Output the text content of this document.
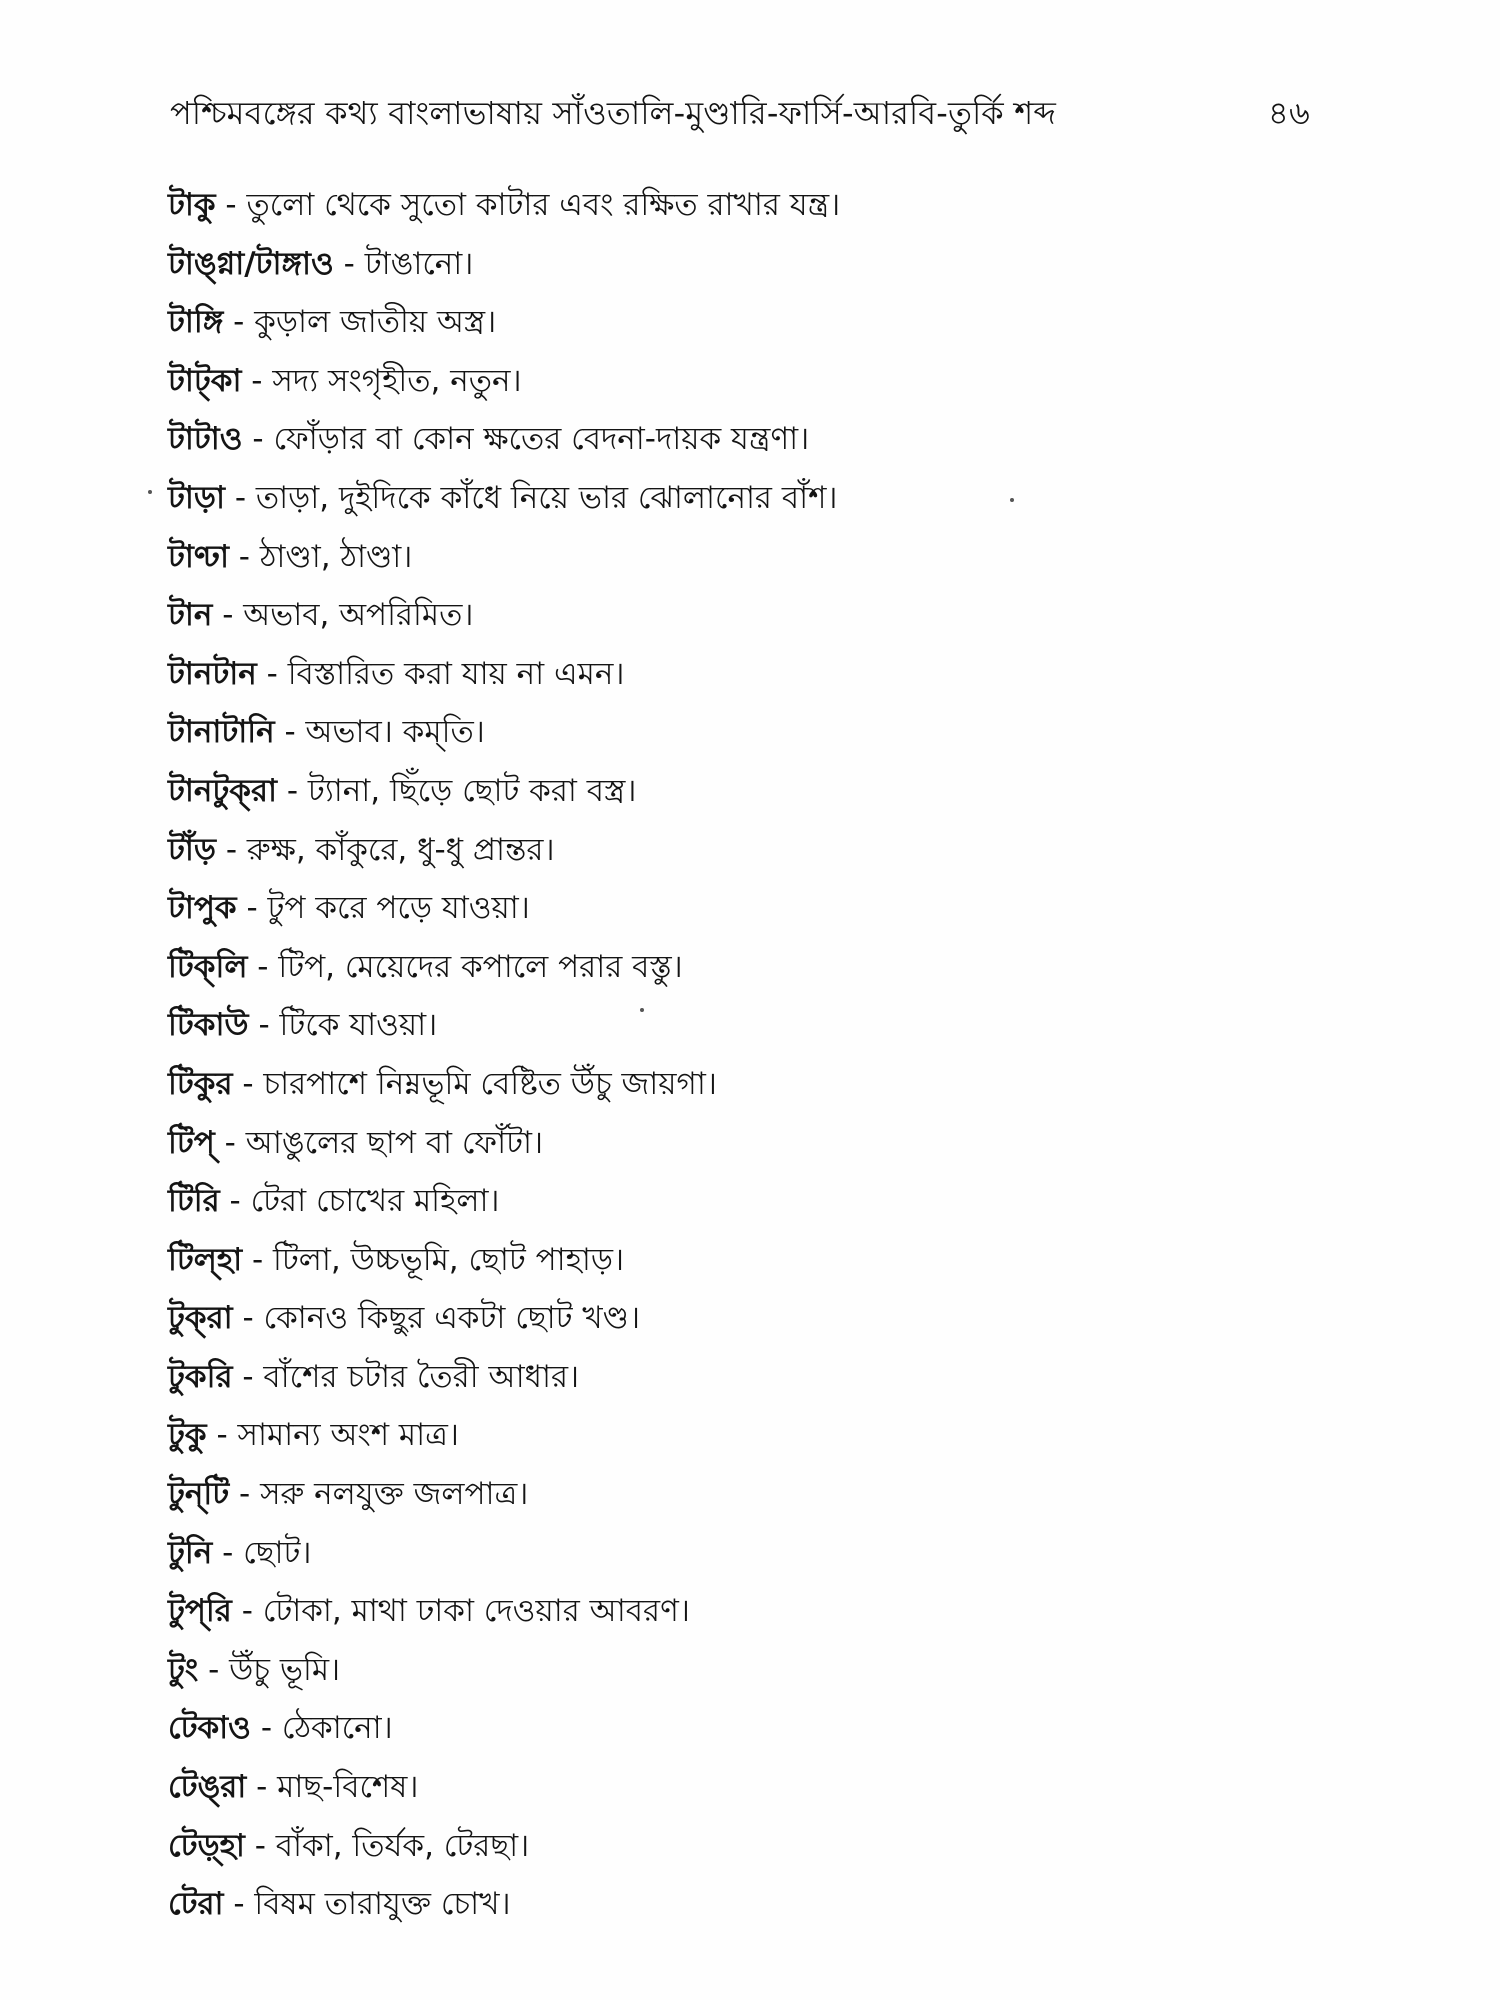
পশ্চিমবঙ্গের কথ্য বাংলাভাষায় সাঁওতালি-মুণ্ডারি-ফার্সি-আরবি-তুর্কি শব্দ	৪৬
টাকু - তুলো থেকে সুতো কাটার এবং রক্ষিত রাখার যন্ত্র।
টাঙ্‌গ্না/টাঙ্গাও - টাঙানো।
টাঙ্গি - কুড়াল জাতীয় অস্ত্র।
টাট্‌কা - সদ্য সংগৃহীত, নতুন।
টাটাও - ফোঁড়ার বা কোন ক্ষতের বেদনা-দায়ক যন্ত্রণা।
টাড়া - তাড়া, দুইদিকে কাঁধে নিয়ে ভার ঝোলানোর বাঁশ।
টাণ্ঢা - ঠাণ্ডা, ঠাণ্ডা।
টান - অভাব, অপরিমিত।
টানটান - বিস্তারিত করা যায় না এমন।
টানাটানি - অভাব। কম্‌তি।
টানটুক্‌রা - ট্যানা, ছিঁড়ে ছোট করা বস্ত্র।
টাঁড় - রুক্ষ, কাঁকুরে, ধু-ধু প্রান্তর।
টাপুক - টুপ করে পড়ে যাওয়া।
টিক্‌লি - টিপ, মেয়েদের কপালে পরার বস্তু।
টিকাউ - টিকে যাওয়া।
টিকুর - চারপাশে নিম্নভূমি বেষ্টিত উঁচু জায়গা।
টিপ্‌ - আঙুলের ছাপ বা ফোঁটা।
টিরি - টেরা চোখের মহিলা।
টিল্‌হা - টিলা, উচ্চভূমি, ছোট পাহাড়।
টুক্‌রা - কোনও কিছুর একটা ছোট খণ্ড।
টুকরি - বাঁশের চটার তৈরী আধার।
টুকু - সামান্য অংশ মাত্র।
টুন্‌টি - সরু নলযুক্ত জলপাত্র।
টুনি - ছোট।
টুপ্‌রি - টোকা, মাথা ঢাকা দেওয়ার আবরণ।
টুং - উঁচু ভূমি।
টেকাও - ঠেকানো।
টেঙ্‌রা - মাছ-বিশেষ।
টেড়্‌হা - বাঁকা, তির্যক, টেরছা।
টেরা - বিষম তারাযুক্ত চোখ।
